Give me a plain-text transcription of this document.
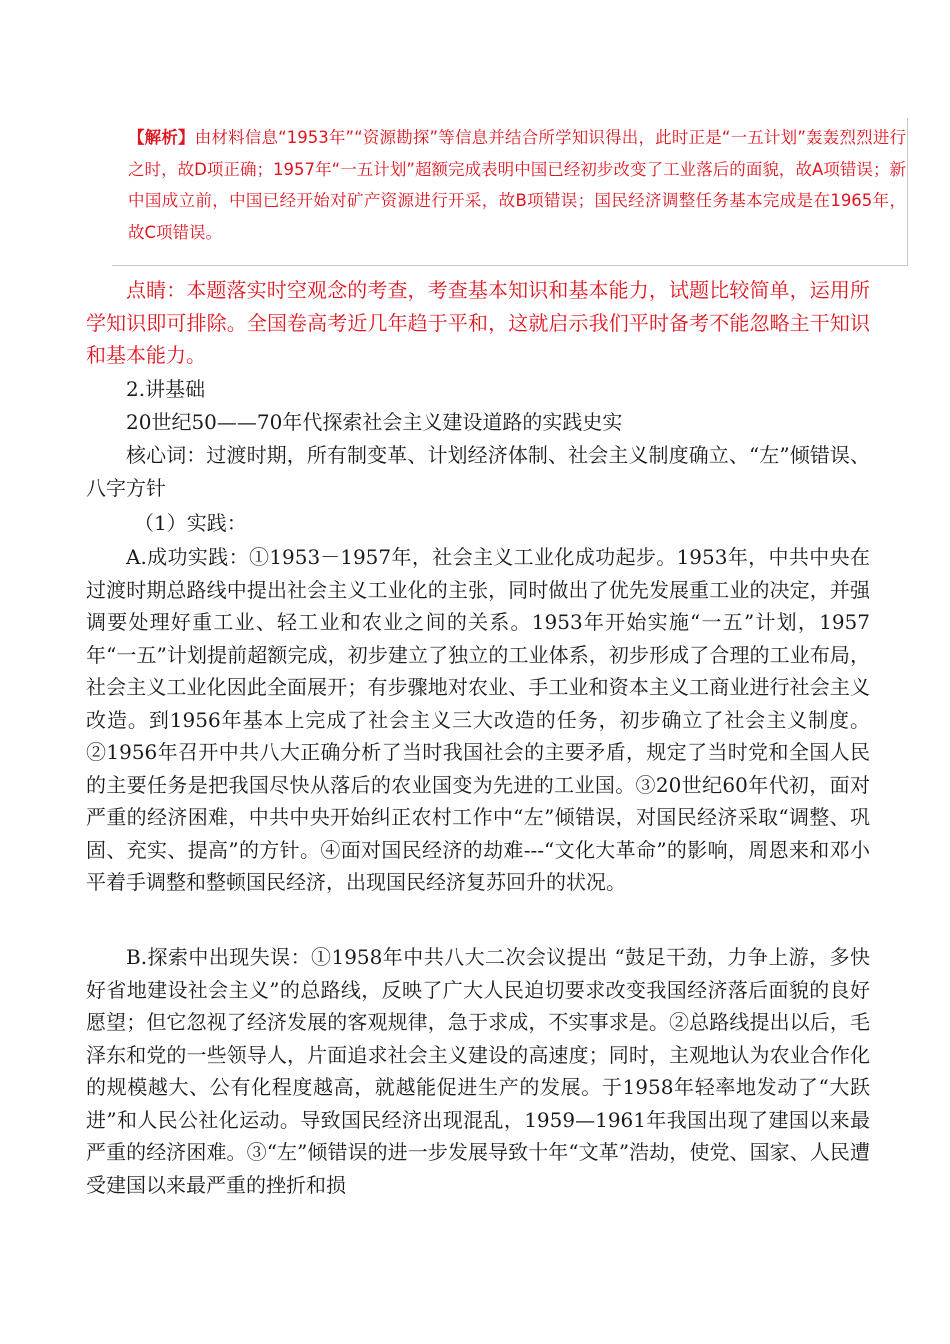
【解析】由材料信息“1953年”“资源勘探”等信息并结合所学知识得出，此时正是“一五计划”轰轰烈烈进行之时，故D项正确；1957年“一五计划”超额完成表明中国已经初步改变了工业落后的面貌，故A项错误；新中国成立前，中国已经开始对矿产资源进行开采，故B项错误；国民经济调整任务基本完成是在1965年，故C项错误。
点睛：本题落实时空观念的考查，考查基本知识和基本能力，试题比较简单，运用所学知识即可排除。全国卷高考近几年趋于平和，这就启示我们平时备考不能忽略主干知识和基本能力。
2.讲基础
20世纪50——70年代探索社会主义建设道路的实践史实
核心词：过渡时期，所有制变革、计划经济体制、社会主义制度确立、“左”倾错误、八字方针
（1）实践：
A.成功实践：①1953－1957年，社会主义工业化成功起步。1953年，中共中央在过渡时期总路线中提出社会主义工业化的主张，同时做出了优先发展重工业的决定，并强调要处理好重工业、轻工业和农业之间的关系。1953年开始实施“一五”计划，1957年“一五”计划提前超额完成，初步建立了独立的工业体系，初步形成了合理的工业布局，社会主义工业化因此全面展开；有步骤地对农业、手工业和资本主义工商业进行社会主义改造。到1956年基本上完成了社会主义三大改造的任务，初步确立了社会主义制度。②1956年召开中共八大正确分析了当时我国社会的主要矛盾，规定了当时党和全国人民的主要任务是把我国尽快从落后的农业国变为先进的工业国。③20世纪60年代初，面对严重的经济困难，中共中央开始纠正农村工作中“左”倾错误，对国民经济采取“调整、巩固、充实、提高”的方针。④面对国民经济的劫难---“文化大革命”的影响，周恩来和邓小平着手调整和整顿国民经济，出现国民经济复苏回升的状况。
B.探索中出现失误：①1958年中共八大二次会议提出 “鼓足干劲，力争上游，多快好省地建设社会主义”的总路线，反映了广大人民迫切要求改变我国经济落后面貌的良好愿望；但它忽视了经济发展的客观规律，急于求成，不实事求是。②总路线提出以后，毛泽东和党的一些领导人，片面追求社会主义建设的高速度；同时，主观地认为农业合作化的规模越大、公有化程度越高，就越能促进生产的发展。于1958年轻率地发动了“大跃进”和人民公社化运动。导致国民经济出现混乱，1959—1961年我国出现了建国以来最严重的经济困难。③“左”倾错误的进一步发展导致十年“文革”浩劫，使党、国家、人民遭受建国以来最严重的挫折和损
